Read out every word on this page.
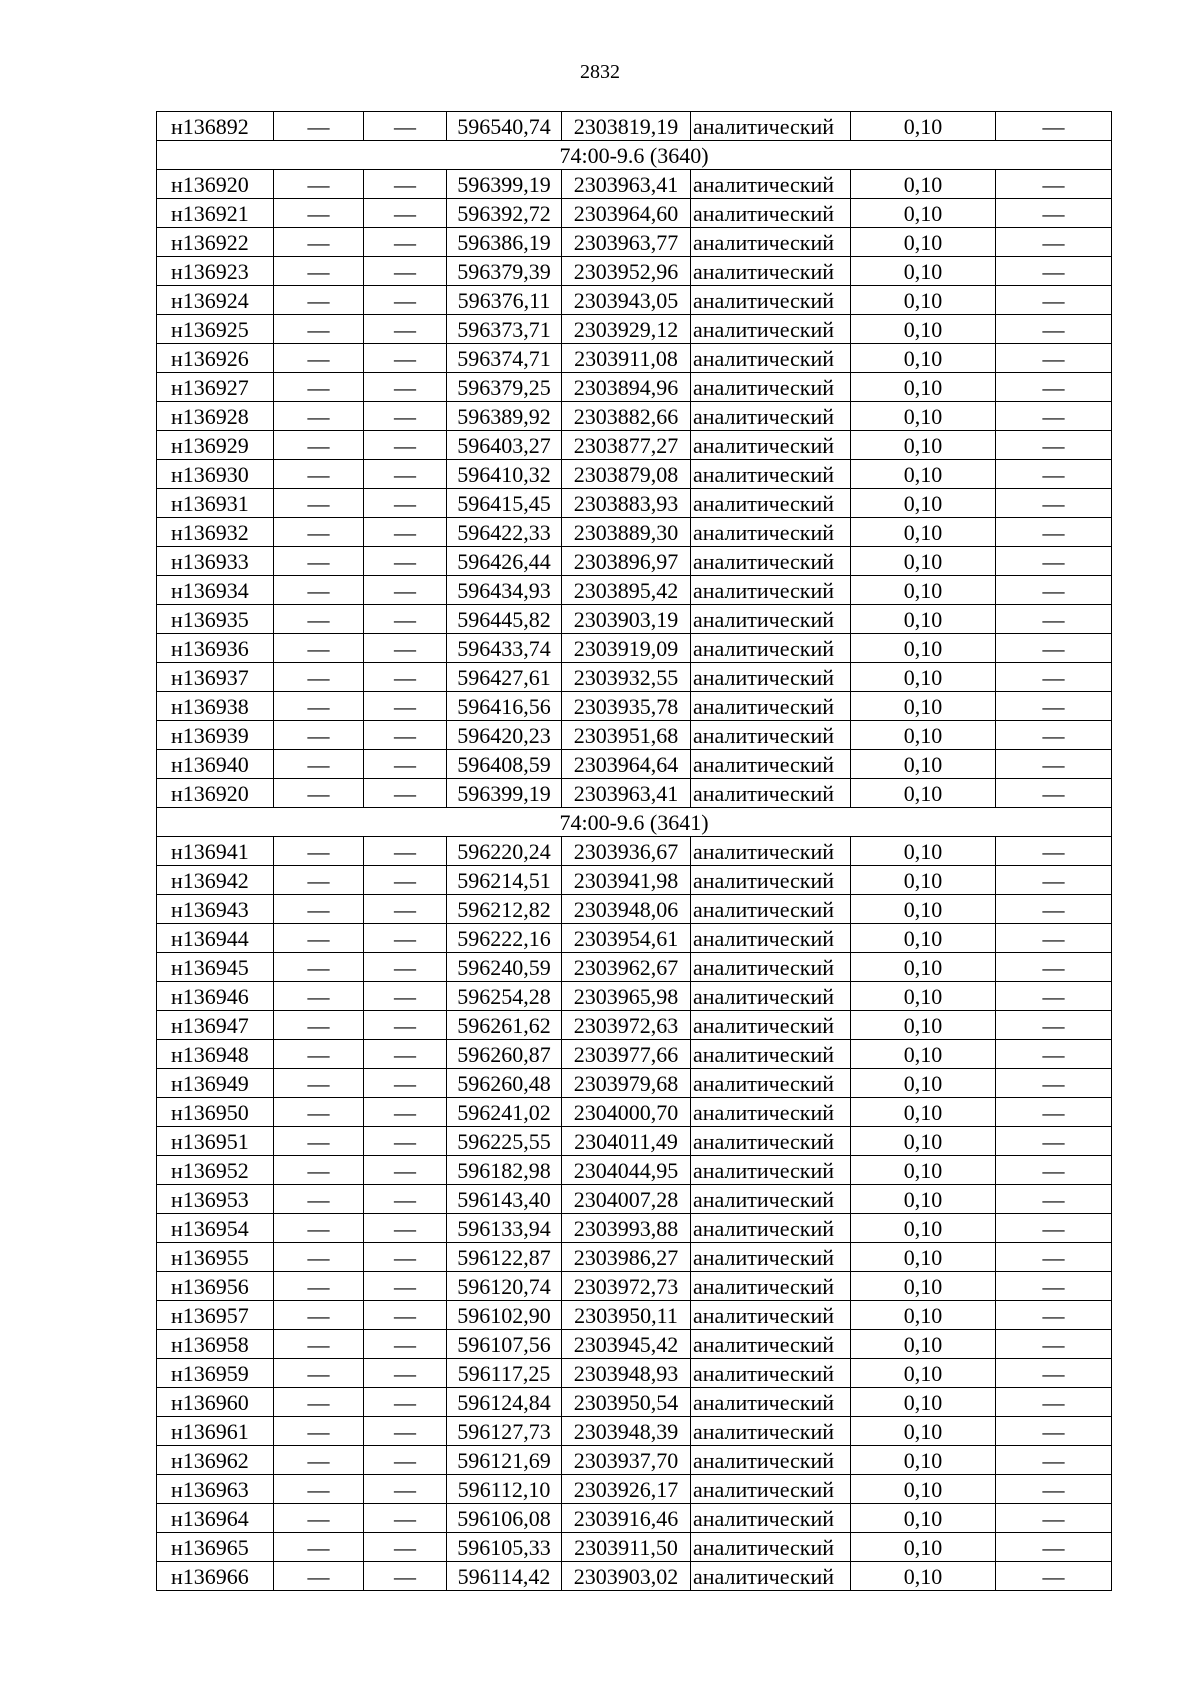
2832
н136892	—	—	596540,74	2303819,19	аналитический	0,10	—
74:00-9.6 (3640)							
н136920	—	—	596399,19	2303963,41	аналитический	0,10	—
н136921	—	—	596392,72	2303964,60	аналитический	0,10	—
н136922	—	—	596386,19	2303963,77	аналитический	0,10	—
н136923	—	—	596379,39	2303952,96	аналитический	0,10	—
н136924	—	—	596376,11	2303943,05	аналитический	0,10	—
н136925	—	—	596373,71	2303929,12	аналитический	0,10	—
н136926	—	—	596374,71	2303911,08	аналитический	0,10	—
н136927	—	—	596379,25	2303894,96	аналитический	0,10	—
н136928	—	—	596389,92	2303882,66	аналитический	0,10	—
н136929	—	—	596403,27	2303877,27	аналитический	0,10	—
н136930	—	—	596410,32	2303879,08	аналитический	0,10	—
н136931	—	—	596415,45	2303883,93	аналитический	0,10	—
н136932	—	—	596422,33	2303889,30	аналитический	0,10	—
н136933	—	—	596426,44	2303896,97	аналитический	0,10	—
н136934	—	—	596434,93	2303895,42	аналитический	0,10	—
н136935	—	—	596445,82	2303903,19	аналитический	0,10	—
н136936	—	—	596433,74	2303919,09	аналитический	0,10	—
н136937	—	—	596427,61	2303932,55	аналитический	0,10	—
н136938	—	—	596416,56	2303935,78	аналитический	0,10	—
н136939	—	—	596420,23	2303951,68	аналитический	0,10	—
н136940	—	—	596408,59	2303964,64	аналитический	0,10	—
н136920	—	—	596399,19	2303963,41	аналитический	0,10	—
74:00-9.6 (3641)							
н136941	—	—	596220,24	2303936,67	аналитический	0,10	—
н136942	—	—	596214,51	2303941,98	аналитический	0,10	—
н136943	—	—	596212,82	2303948,06	аналитический	0,10	—
н136944	—	—	596222,16	2303954,61	аналитический	0,10	—
н136945	—	—	596240,59	2303962,67	аналитический	0,10	—
н136946	—	—	596254,28	2303965,98	аналитический	0,10	—
н136947	—	—	596261,62	2303972,63	аналитический	0,10	—
н136948	—	—	596260,87	2303977,66	аналитический	0,10	—
н136949	—	—	596260,48	2303979,68	аналитический	0,10	—
н136950	—	—	596241,02	2304000,70	аналитический	0,10	—
н136951	—	—	596225,55	2304011,49	аналитический	0,10	—
н136952	—	—	596182,98	2304044,95	аналитический	0,10	—
н136953	—	—	596143,40	2304007,28	аналитический	0,10	—
н136954	—	—	596133,94	2303993,88	аналитический	0,10	—
н136955	—	—	596122,87	2303986,27	аналитический	0,10	—
н136956	—	—	596120,74	2303972,73	аналитический	0,10	—
н136957	—	—	596102,90	2303950,11	аналитический	0,10	—
н136958	—	—	596107,56	2303945,42	аналитический	0,10	—
н136959	—	—	596117,25	2303948,93	аналитический	0,10	—
н136960	—	—	596124,84	2303950,54	аналитический	0,10	—
н136961	—	—	596127,73	2303948,39	аналитический	0,10	—
н136962	—	—	596121,69	2303937,70	аналитический	0,10	—
н136963	—	—	596112,10	2303926,17	аналитический	0,10	—
н136964	—	—	596106,08	2303916,46	аналитический	0,10	—
н136965	—	—	596105,33	2303911,50	аналитический	0,10	—
н136966	—	—	596114,42	2303903,02	аналитический	0,10	—
